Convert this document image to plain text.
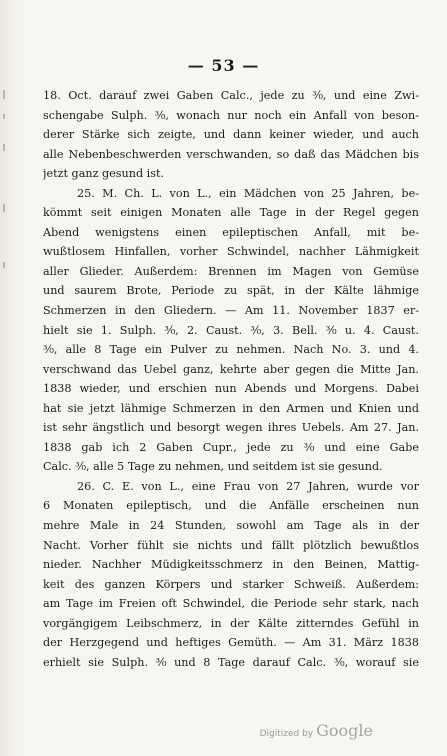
— 53 —
18. Oct. darauf zwei Gaben Calc., jede zu ³⁄₀, und eine Zwi-
schengabe Sulph. ³⁄₀, wonach nur noch ein Anfall von beson-
derer Stärke sich zeigte, und dann keiner wieder, und auch
alle Nebenbeschwerden verschwanden, so daß das Mädchen bis
jetzt ganz gesund ist.
25. M. Ch. L. von L., ein Mädchen von 25 Jahren, be-
kömmt seit einigen Monaten alle Tage in der Regel gegen
Abend wenigstens einen epileptischen Anfall, mit be-
wußtlosem Hinfallen, vorher Schwindel, nachher Lähmigkeit
aller Glieder. Außerdem: Brennen im Magen von Gemüse
und saurem Brote, Periode zu spät, in der Kälte lähmige
Schmerzen in den Gliedern. — Am 11. November 1837 er-
hielt sie 1. Sulph. ³⁄₀, 2. Caust. ³⁄₀, 3. Bell. ³⁄₀ u. 4. Caust.
³⁄₀, alle 8 Tage ein Pulver zu nehmen. Nach No. 3. und 4.
verschwand das Uebel ganz, kehrte aber gegen die Mitte Jan.
1838 wieder, und erschien nun Abends und Morgens. Dabei
hat sie jetzt lähmige Schmerzen in den Armen und Knien und
ist sehr ängstlich und besorgt wegen ihres Uebels. Am 27. Jan.
1838 gab ich 2 Gaben Cupr., jede zu ³⁄₀ und eine Gabe
Calc. ³⁄₀, alle 5 Tage zu nehmen, und seitdem ist sie gesund.
26. C. E. von L., eine Frau von 27 Jahren, wurde vor
6 Monaten epileptisch, und die Anfälle erscheinen nun
mehre Male in 24 Stunden, sowohl am Tage als in der
Nacht. Vorher fühlt sie nichts und fällt plötzlich bewußtlos
nieder. Nachher Müdigkeitsschmerz in den Beinen, Mattig-
keit des ganzen Körpers und starker Schweiß. Außerdem:
am Tage im Freien oft Schwindel, die Periode sehr stark, nach
vorgängigem Leibschmerz, in der Kälte zitterndes Gefühl in
der Herzgegend und heftiges Gemüth. — Am 31. März 1838
erhielt sie Sulph. ³⁄₀ und 8 Tage darauf Calc. ³⁄₀, worauf sie
Digitized by Google
